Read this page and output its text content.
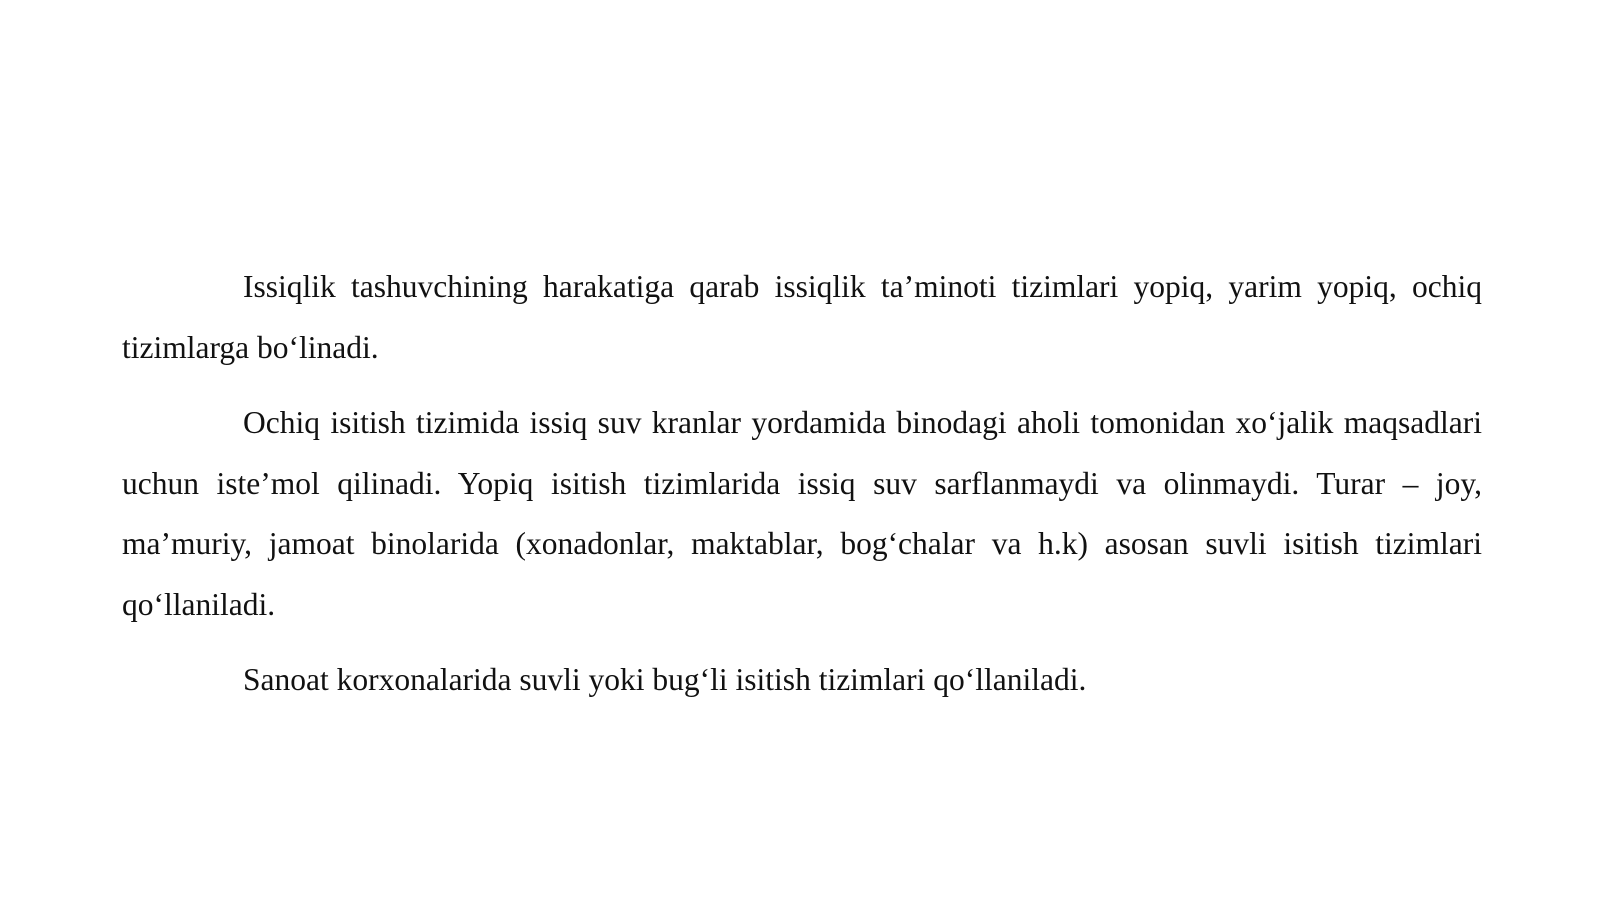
Issiqlik tashuvchining harakatiga qarab issiqlik ta’minoti tizimlari yopiq, yarim yopiq, ochiq tizimlarga bo‘linadi.

Ochiq isitish tizimida issiq suv kranlar yordamida binodagi aholi tomonidan xo‘jalik maqsadlari uchun iste’mol qilinadi. Yopiq isitish tizimlarida issiq suv sarflanmaydi va olinmaydi. Turar – joy, ma’muriy, jamoat binolarida (xonadonlar, maktablar, bog‘chalar va h.k) asosan suvli isitish tizimlari qo‘llaniladi.

Sanoat korxonalarida suvli yoki bug‘li isitish tizimlari qo‘llaniladi.
